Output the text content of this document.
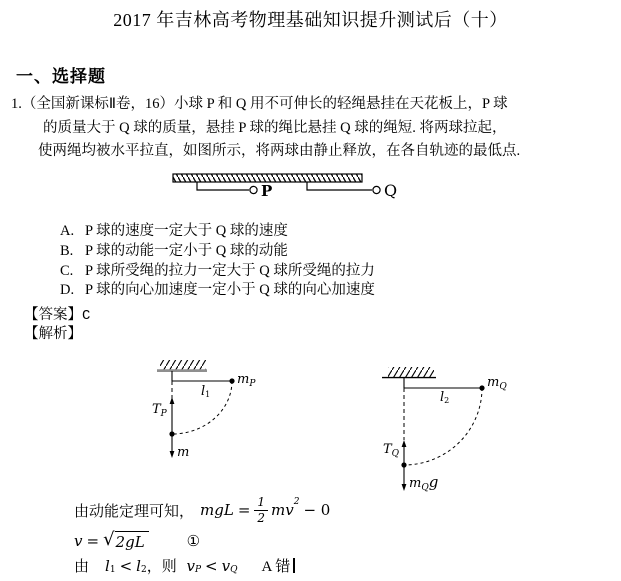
2017 年吉林高考物理基础知识提升测试后（十）
一、选择题
1.（全国新课标Ⅱ卷，16）小球 P 和 Q 用不可伸长的轻绳悬挂在天花板上，P 球
的质量大于 Q 球的质量，悬挂 P 球的绳比悬挂 Q 球的绳短. 将两球拉起，
使两绳均被水平拉直，如图所示，将两球由静止释放，在各自轨迹的最低点.
P	Q
A. P 球的速度一定大于 Q 球的速度
B. P 球的动能一定小于 Q 球的动能
C. P 球所受绳的拉力一定大于 Q 球所受绳的拉力
D. P 球的向心加速度一定小于 Q 球的向心加速度
【答案】C
【解析】
$m_P$
l1
$T_P$
m
$m_Q$
l2
$T_Q$
$m_Qg$
由动能定理可知， mgL = $\frac{1}{2}$ mv 2 − 0
v = √ 2gL	①
由 l 1 < l 2 ，则 v P < v Q A 错
